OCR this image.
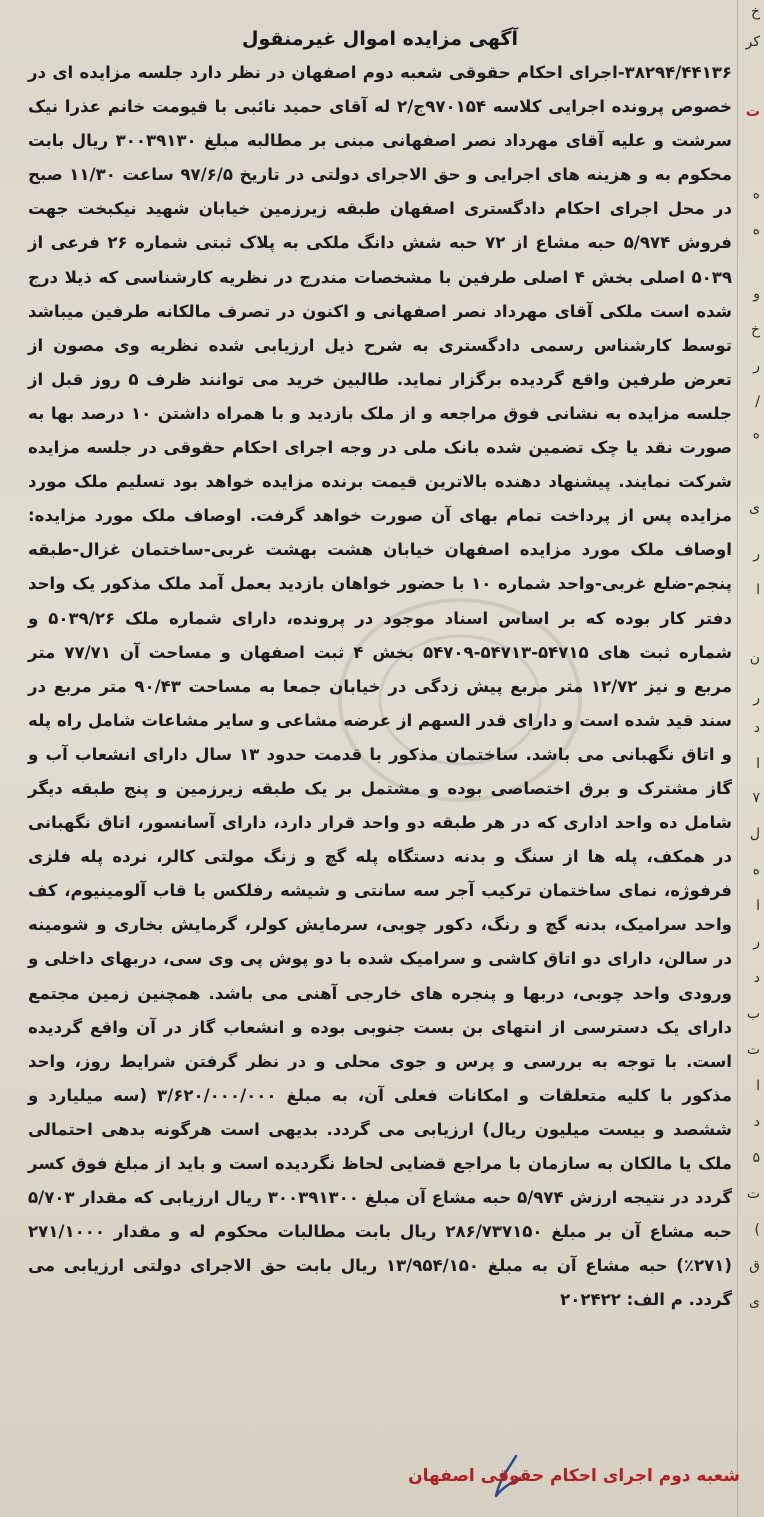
خ
کر
ت
ه
ه
و
خ
ر
/
ه
ی
ر
ا
ن
ر
د
ا
۷
ل
ه
ا
ر
د
ب
ت
ا
د
۵
ت
(
ق
ی
آگهی مزایده اموال غیرمنقول

۳۸۲۹۴/۴۴۱۳۶-اجرای احکام حقوقی شعبه دوم اصفهان در نظر دارد جلسه مزایده ای در خصوص پرونده اجرایی کلاسه ۹۷۰۱۵۴ج/۲ له آقای حمید نائبی با قیومت خانم عذرا نیک سرشت و علیه آقای مهرداد نصر اصفهانی مبنی بر مطالبه مبلغ ۳۰۰۳۹۱۳۰ ریال بابت محکوم به و هزینه های اجرایی و حق الاجرای دولتی در تاریخ ۹۷/۶/۵ ساعت ۱۱/۳۰ صبح در محل اجرای احکام دادگستری اصفهان طبقه زیرزمین خیابان شهید نیکبخت جهت فروش ۵/۹۷۴ حبه مشاع از ۷۲ حبه شش دانگ ملکی به پلاک ثبتی شماره ۲۶ فرعی از ۵۰۳۹ اصلی بخش ۴ اصلی طرفین با مشخصات مندرج در نظریه کارشناسی که ذیلا درج شده است ملکی آقای مهرداد نصر اصفهانی و اکنون در تصرف مالکانه طرفین میباشد توسط کارشناس رسمی دادگستری به شرح ذیل ارزیابی شده نظریه وی مصون از تعرض طرفین واقع گردیده برگزار نماید. طالبین خرید می توانند ظرف ۵ روز قبل از جلسه مزایده به نشانی فوق مراجعه و از ملک بازدید و با همراه داشتن ۱۰ درصد بها به صورت نقد یا چک تضمین شده بانک ملی در وجه اجرای احکام حقوقی در جلسه مزایده شرکت نمایند. پیشنهاد دهنده بالاترین قیمت برنده مزایده خواهد بود تسلیم ملک مورد مزایده پس از پرداخت تمام بهای آن صورت خواهد گرفت. اوصاف ملک مورد مزایده: اوصاف ملک مورد مزایده اصفهان خیابان هشت بهشت غربی-ساختمان غزال-طبقه پنجم-ضلع غربی-واحد شماره ۱۰ با حضور خواهان بازدید بعمل آمد ملک مذکور یک واحد دفتر کار بوده که بر اساس اسناد موجود در پرونده، دارای شماره ملک ۵۰۳۹/۲۶ و شماره ثبت های ۵۴۷۱۵-۵۴۷۱۳-۵۴۷۰۹ بخش ۴ ثبت اصفهان و مساحت آن ۷۷/۷۱ متر مربع و نیز ۱۲/۷۲ متر مربع پیش زدگی در خیابان جمعا به مساحت ۹۰/۴۳ متر مربع در سند قید شده است و دارای قدر السهم از عرضه مشاعی و سایر مشاعات شامل راه پله و اتاق نگهبانی می باشد. ساختمان مذکور با قدمت حدود ۱۳ سال دارای انشعاب آب و گاز مشترک و برق اختصاصی بوده و مشتمل بر یک طبقه زیرزمین و پنج طبقه دیگر شامل ده واحد اداری که در هر طبقه دو واحد قرار دارد، دارای آسانسور، اتاق نگهبانی در همکف، پله ها از سنگ و بدنه دستگاه پله گچ و زنگ مولتی کالر، نرده پله فلزی فرفوژه، نمای ساختمان ترکیب آجر سه سانتی و شیشه رفلکس با قاب آلومینیوم، کف واحد سرامیک، بدنه گچ و رنگ، دکور چوبی، سرمایش کولر، گرمایش بخاری و شومینه در سالن، دارای دو اتاق کاشی و سرامیک شده با دو پوش پی وی سی، دربهای داخلی و ورودی واحد چوبی، دربها و پنجره های خارجی آهنی می باشد. همچنین زمین مجتمع دارای یک دسترسی از انتهای بن بست جنوبی بوده و انشعاب گاز در آن واقع گردیده است. با توجه به بررسی و پرس و جوی محلی و در نظر گرفتن شرایط روز، واحد مذکور با کلیه متعلقات و امکانات فعلی آن، به مبلغ ۳/۶۲۰/۰۰۰/۰۰۰ (سه میلیارد و ششصد و بیست میلیون ریال) ارزیابی می گردد. بدیهی است هرگونه بدهی احتمالی ملک یا مالکان به سازمان با مراجع قضایی لحاظ نگردیده است و باید از مبلغ فوق کسر گردد در نتیجه ارزش ۵/۹۷۴ حبه مشاع آن مبلغ ۳۰۰۳۹۱۳۰۰ ریال ارزیابی که مقدار ۵/۷۰۳ حبه مشاع آن بر مبلغ ۲۸۶/۷۳۷۱۵۰ ریال بابت مطالبات محکوم له و مقدار ۲۷۱/۱۰۰۰ (۲۷۱٪) حبه مشاع آن به مبلغ ۱۳/۹۵۴/۱۵۰ ریال بابت حق الاجرای دولتی ارزیابی می گردد. م الف: ۲۰۲۴۲۲

شعبه دوم اجرای احکام حقوقی اصفهان
